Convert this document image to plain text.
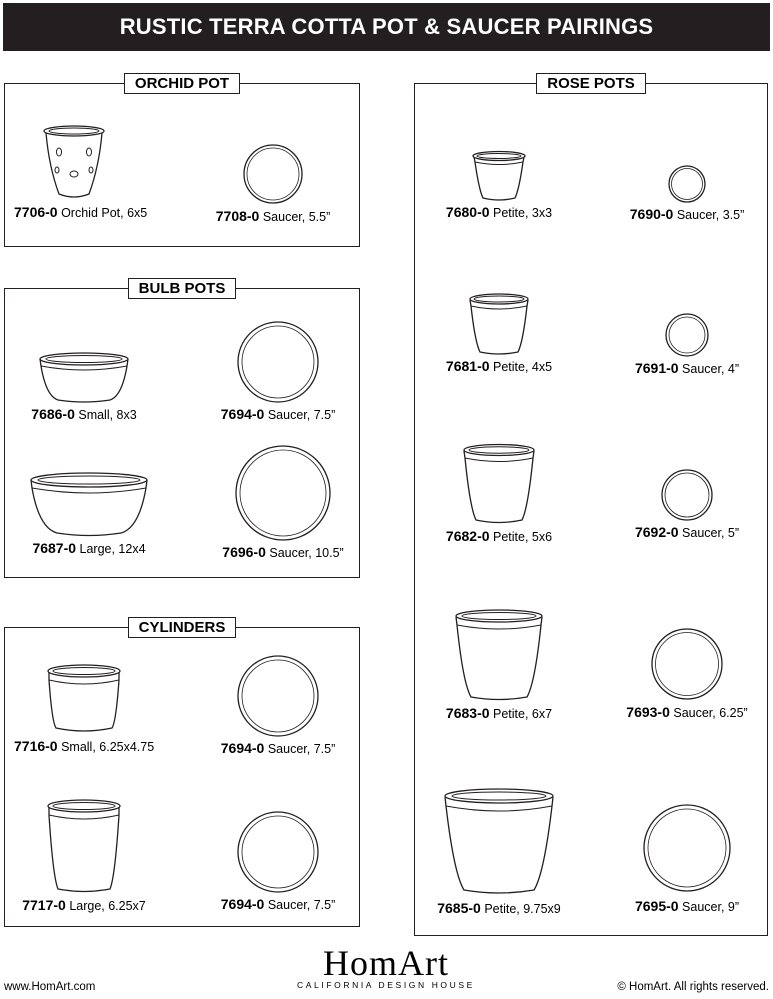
RUSTIC TERRA COTTA POT & SAUCER PAIRINGS
ORCHID POT
7706-0 Orchid Pot, 6x5	7708-0 Saucer, 5.5”
BULB POTS
7686-0 Small, 8x3	7694-0 Saucer, 7.5”
7687-0 Large, 12x4	7696-0 Saucer, 10.5”
CYLINDERS
7716-0 Small, 6.25x4.75	7694-0 Saucer, 7.5”
7717-0 Large, 6.25x7	7694-0 Saucer, 7.5”
ROSE POTS
7680-0 Petite, 3x3	7690-0 Saucer, 3.5”
7681-0 Petite, 4x5	7691-0 Saucer, 4”
7682-0 Petite, 5x6	7692-0 Saucer, 5”
7683-0 Petite, 6x7	7693-0 Saucer, 6.25”
7685-0 Petite, 9.75x9	7695-0 Saucer, 9”
www.HomArt.com
HomArt
CALIFORNIA DESIGN HOUSE	© HomArt. All rights reserved.
